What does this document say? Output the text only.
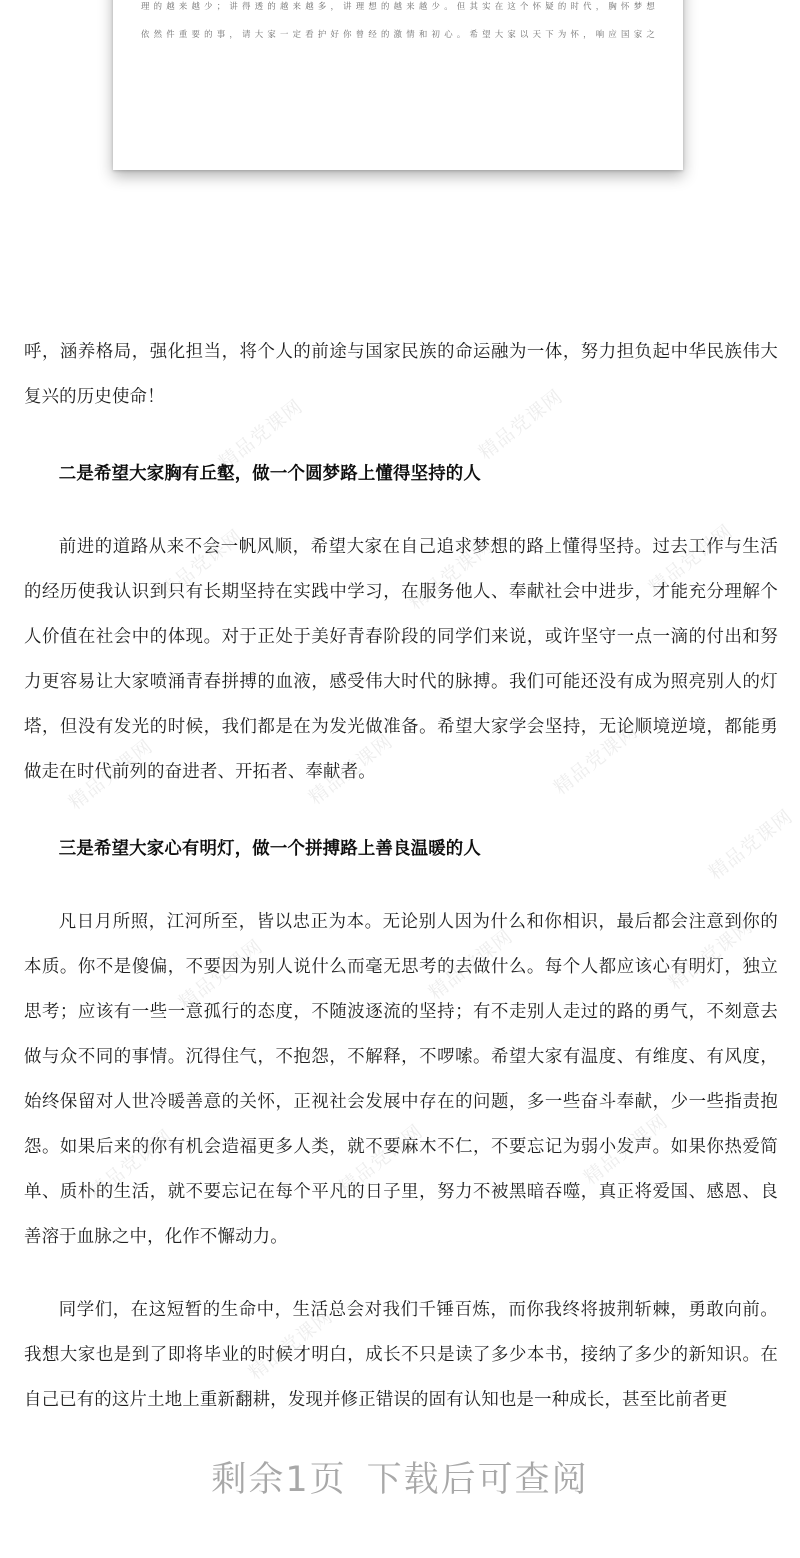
理的越来越少；讲得透的越来越多，讲理想的越来越少。但其实在这个怀疑的时代，胸怀梦想
依然件重要的事，请大家一定看护好你曾经的激情和初心。希望大家以天下为怀，响应国家之

呼，涵养格局，强化担当，将个人的前途与国家民族的命运融为一体，努力担负起中华民族伟大复兴的历史使命！

二是希望大家胸有丘壑，做一个圆梦路上懂得坚持的人

前进的道路从来不会一帆风顺，希望大家在自己追求梦想的路上懂得坚持。过去工作与生活的经历使我认识到只有长期坚持在实践中学习，在服务他人、奉献社会中进步，才能充分理解个人价值在社会中的体现。对于正处于美好青春阶段的同学们来说，或许坚守一点一滴的付出和努力更容易让大家喷涌青春拼搏的血液，感受伟大时代的脉搏。我们可能还没有成为照亮别人的灯塔，但没有发光的时候，我们都是在为发光做准备。希望大家学会坚持，无论顺境逆境，都能勇做走在时代前列的奋进者、开拓者、奉献者。

三是希望大家心有明灯，做一个拼搏路上善良温暖的人

凡日月所照，江河所至，皆以忠正为本。无论别人因为什么和你相识，最后都会注意到你的本质。你不是傻偏，不要因为别人说什么而毫无思考的去做什么。每个人都应该心有明灯，独立思考；应该有一些一意孤行的态度，不随波逐流的坚持；有不走别人走过的路的勇气，不刻意去做与众不同的事情。沉得住气，不抱怨，不解释，不啰嗦。希望大家有温度、有维度、有风度，始终保留对人世冷暖善意的关怀，正视社会发展中存在的问题，多一些奋斗奉献，少一些指责抱怨。如果后来的你有机会造福更多人类，就不要麻木不仁，不要忘记为弱小发声。如果你热爱简单、质朴的生活，就不要忘记在每个平凡的日子里，努力不被黑暗吞噬，真正将爱国、感恩、良善溶于血脉之中，化作不懈动力。

同学们，在这短暂的生命中，生活总会对我们千锤百炼，而你我终将披荆斩棘，勇敢向前。我想大家也是到了即将毕业的时候才明白，成长不只是读了多少本书，接纳了多少的新知识。在自己已有的这片土地上重新翻耕，发现并修正错误的固有认知也是一种成长，甚至比前者更

精品党课网	精品党课网	精品党课网
精品党课网	精品党课网	精品党课网
精品党课网	精品党课网	精品党课网
精品党课网	精品党课网	精品党课网
精品党课网	精品党课网
精品党课网
精品党课网
剩余1页 下载后可查阅
